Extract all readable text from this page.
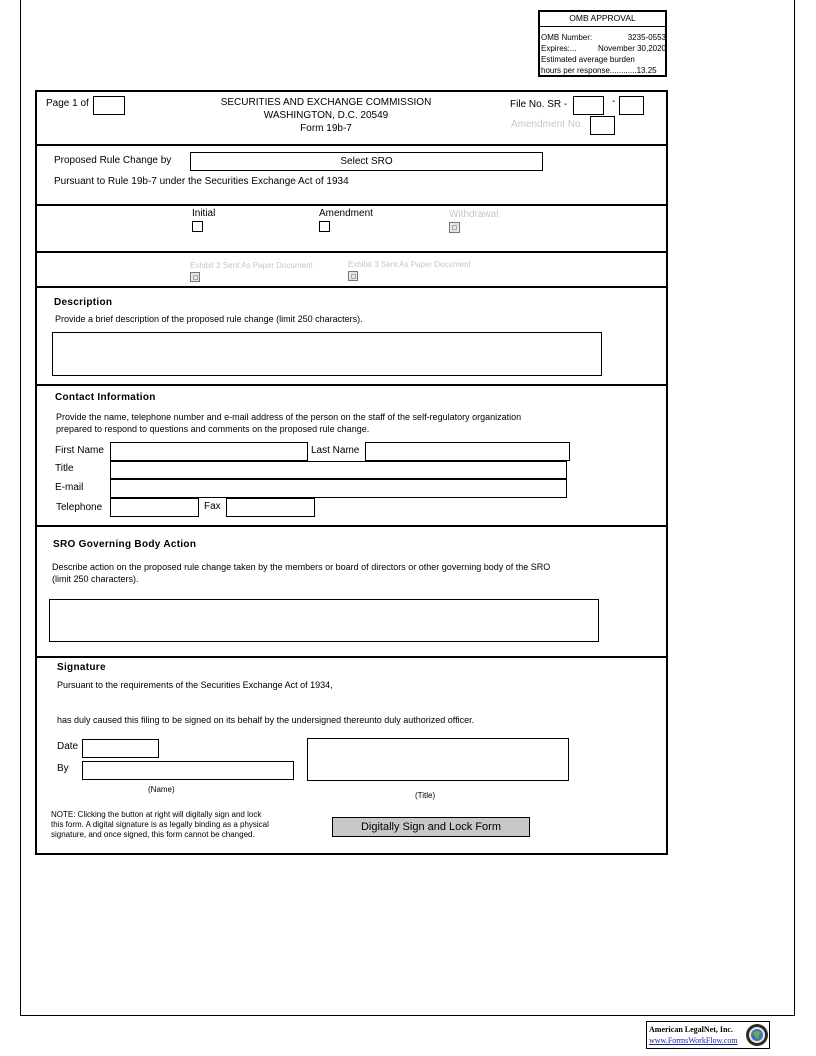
OMB APPROVAL
OMB Number:	3235-0553
Expires:...	November 30,2020
Estimated average burden
hours per response............13.25
Page 1 of	SECURITIES AND EXCHANGE COMMISSION
WASHINGTON, D.C. 20549
Form 19b-7
File No. SR -	-
Amendment No.
Proposed Rule Change by	Select SRO
Pursuant to Rule 19b-7 under the Securities Exchange Act of 1934
Initial	Amendment	Withdrawal
Exhibit 2 Sent As Paper Document	Exhibit 3 Sent As Paper Document
Description
Provide a brief description of the proposed rule change (limit 250 characters).
Contact Information
Provide the name, telephone number and e-mail address of the person on the staff of the self-regulatory organization
prepared to respond to questions and comments on the proposed rule change.
First Name	Last Name
Title
E-mail
Telephone	Fax
SRO Governing Body Action
Describe action on the proposed rule change taken by the members or board of directors or other governing body of the SRO
(limit 250 characters).
Signature
Pursuant to the requirements of the Securities Exchange Act of 1934,
has duly caused this filing to be signed on its behalf by the undersigned thereunto duly authorized officer.
Date
By
(Name)
(Title)
NOTE: Clicking the button at right will digitally sign and lock
this form. A digital signature is as legally binding as a physical
signature, and once signed, this form cannot be changed.
Digitally Sign and Lock Form
American LegalNet, Inc.
www.FormsWorkFlow.com
